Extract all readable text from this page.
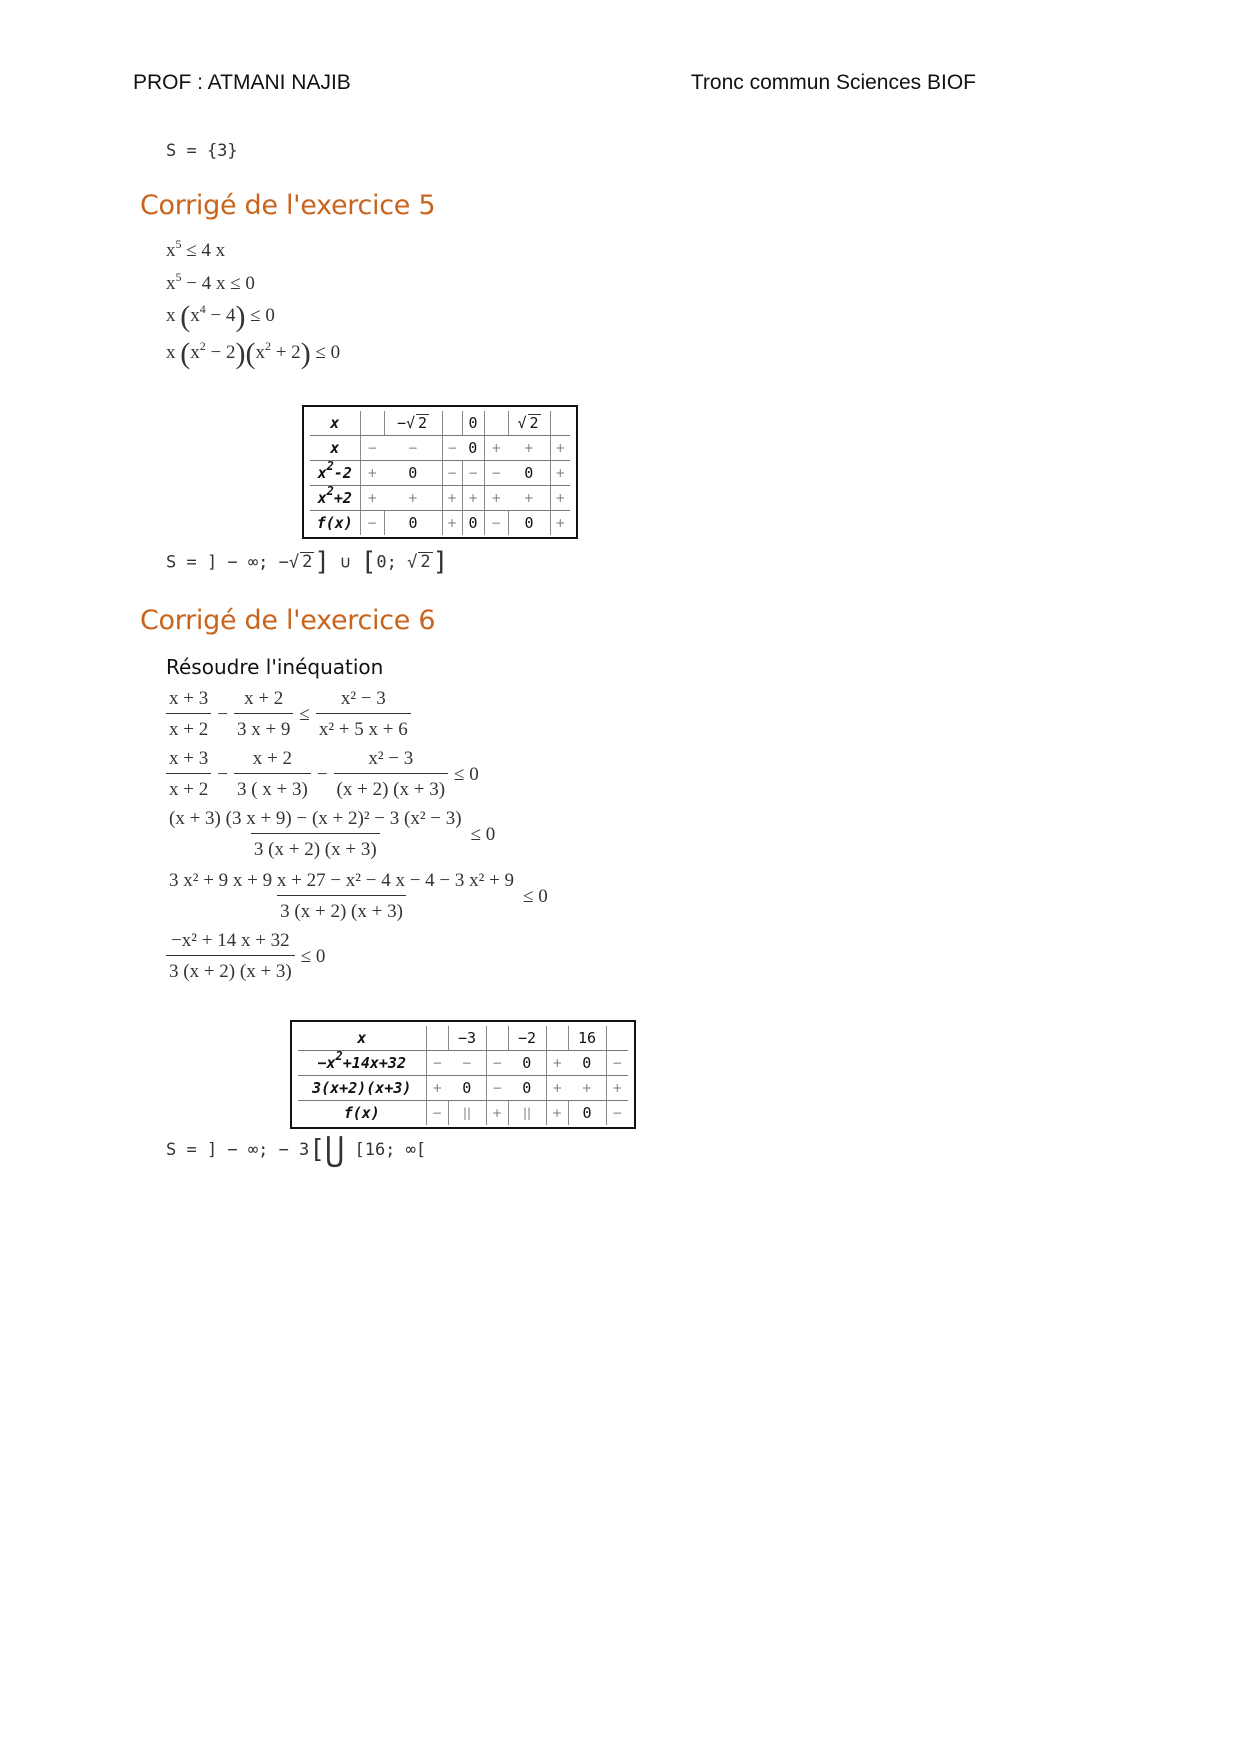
PROF : ATMANI NAJIB	Tronc commun Sciences BIOF
S = {3}
Corrigé de l'exercice 5
$x^5 \le 4$ x
$x^5 - 4$ x ≤ 0
x $(x^4 - 4) \le 0$
x $(x^2 - 2)(x^2 + 2) \le 0$
x		−√ 2		0		√ 2	
x	−	−	−	0	+	+	+
$x^2-2$	+	0	−	−	−	0	+
$x^2+2$	+	+	+	+	+	+	+
f(x)	−	0	+	0	−	0	+
S = ] − ∞; −√ 2] ∪ [0; √ 2]
Corrigé de l'exercice 6
Résoudre l'inéquation
$\frac{x + 3}{x + 2} - \frac{x + 2}{3 x + 9} \le \frac{\text{x² − 3}}{\text{x² + 5 x + 6}}$
$\frac{x + 3}{x + 2} - \frac{x + 2}{3 ( x + 3)} - \frac{\text{x² − 3}}{(x + 2) (x + 3)} \le 0$
$\frac{\text{(x + 3) (3 x + 9) − (x + 2)² − 3 (x² − 3)}}{3 (x + 2) (x + 3)} \le 0$
$\frac{\text{3 x² + 9 x + 9 x + 27 − x² − 4 x − 4 − 3 x² + 9}}{3 (x + 2) (x + 3)} \le 0$
$\frac{\text{−x² + 14 x + 32}}{3 (x + 2) (x + 3)} \le 0$
x		−3		−2		16	
$-x^2+14x+32$	−	−	−	0	+	0	−
3(x+2)(x+3)	+	0	−	0	+	+	+
f(x)	−	||	+	||	+	0	−
S = ] − ∞; − 3[⋃ [16; ∞[
